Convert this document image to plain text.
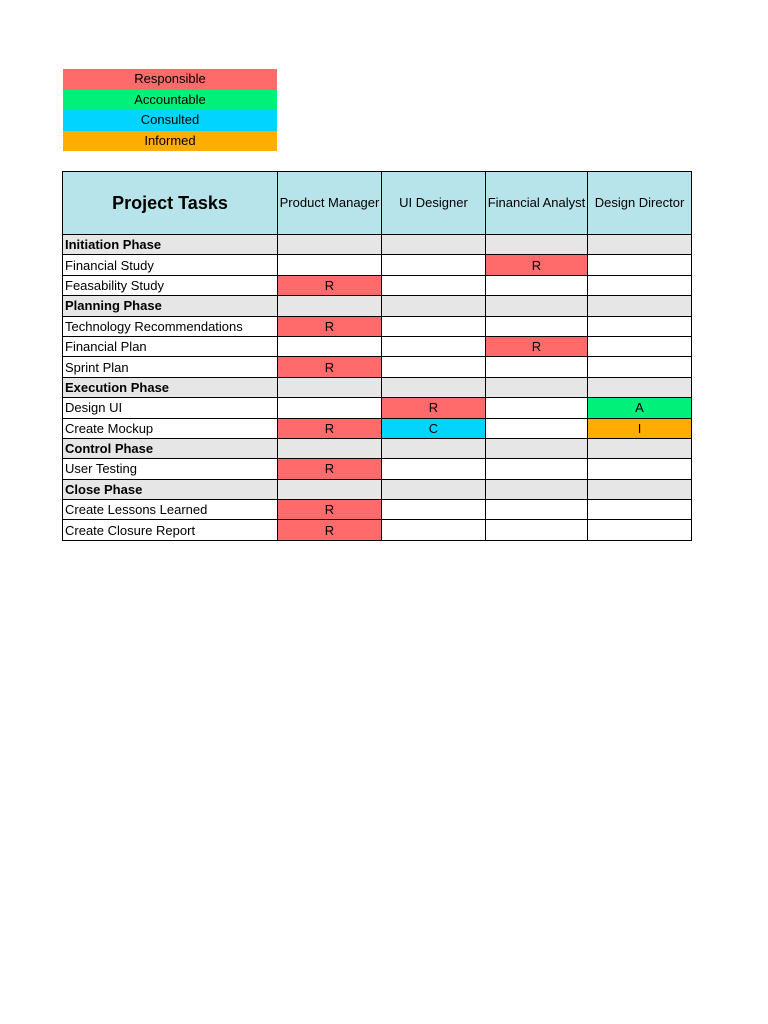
Responsible
Accountable
Consulted
Informed
Project Tasks	Product Manager	UI Designer	Financial Analyst	Design Director
Initiation Phase				
Financial Study			R	
Feasability Study	R			
Planning Phase				
Technology Recommendations	R			
Financial Plan			R	
Sprint Plan	R			
Execution Phase				
Design UI		R		A
Create Mockup	R	C		I
Control Phase				
User Testing	R			
Close Phase				
Create Lessons Learned	R			
Create Closure Report	R			
